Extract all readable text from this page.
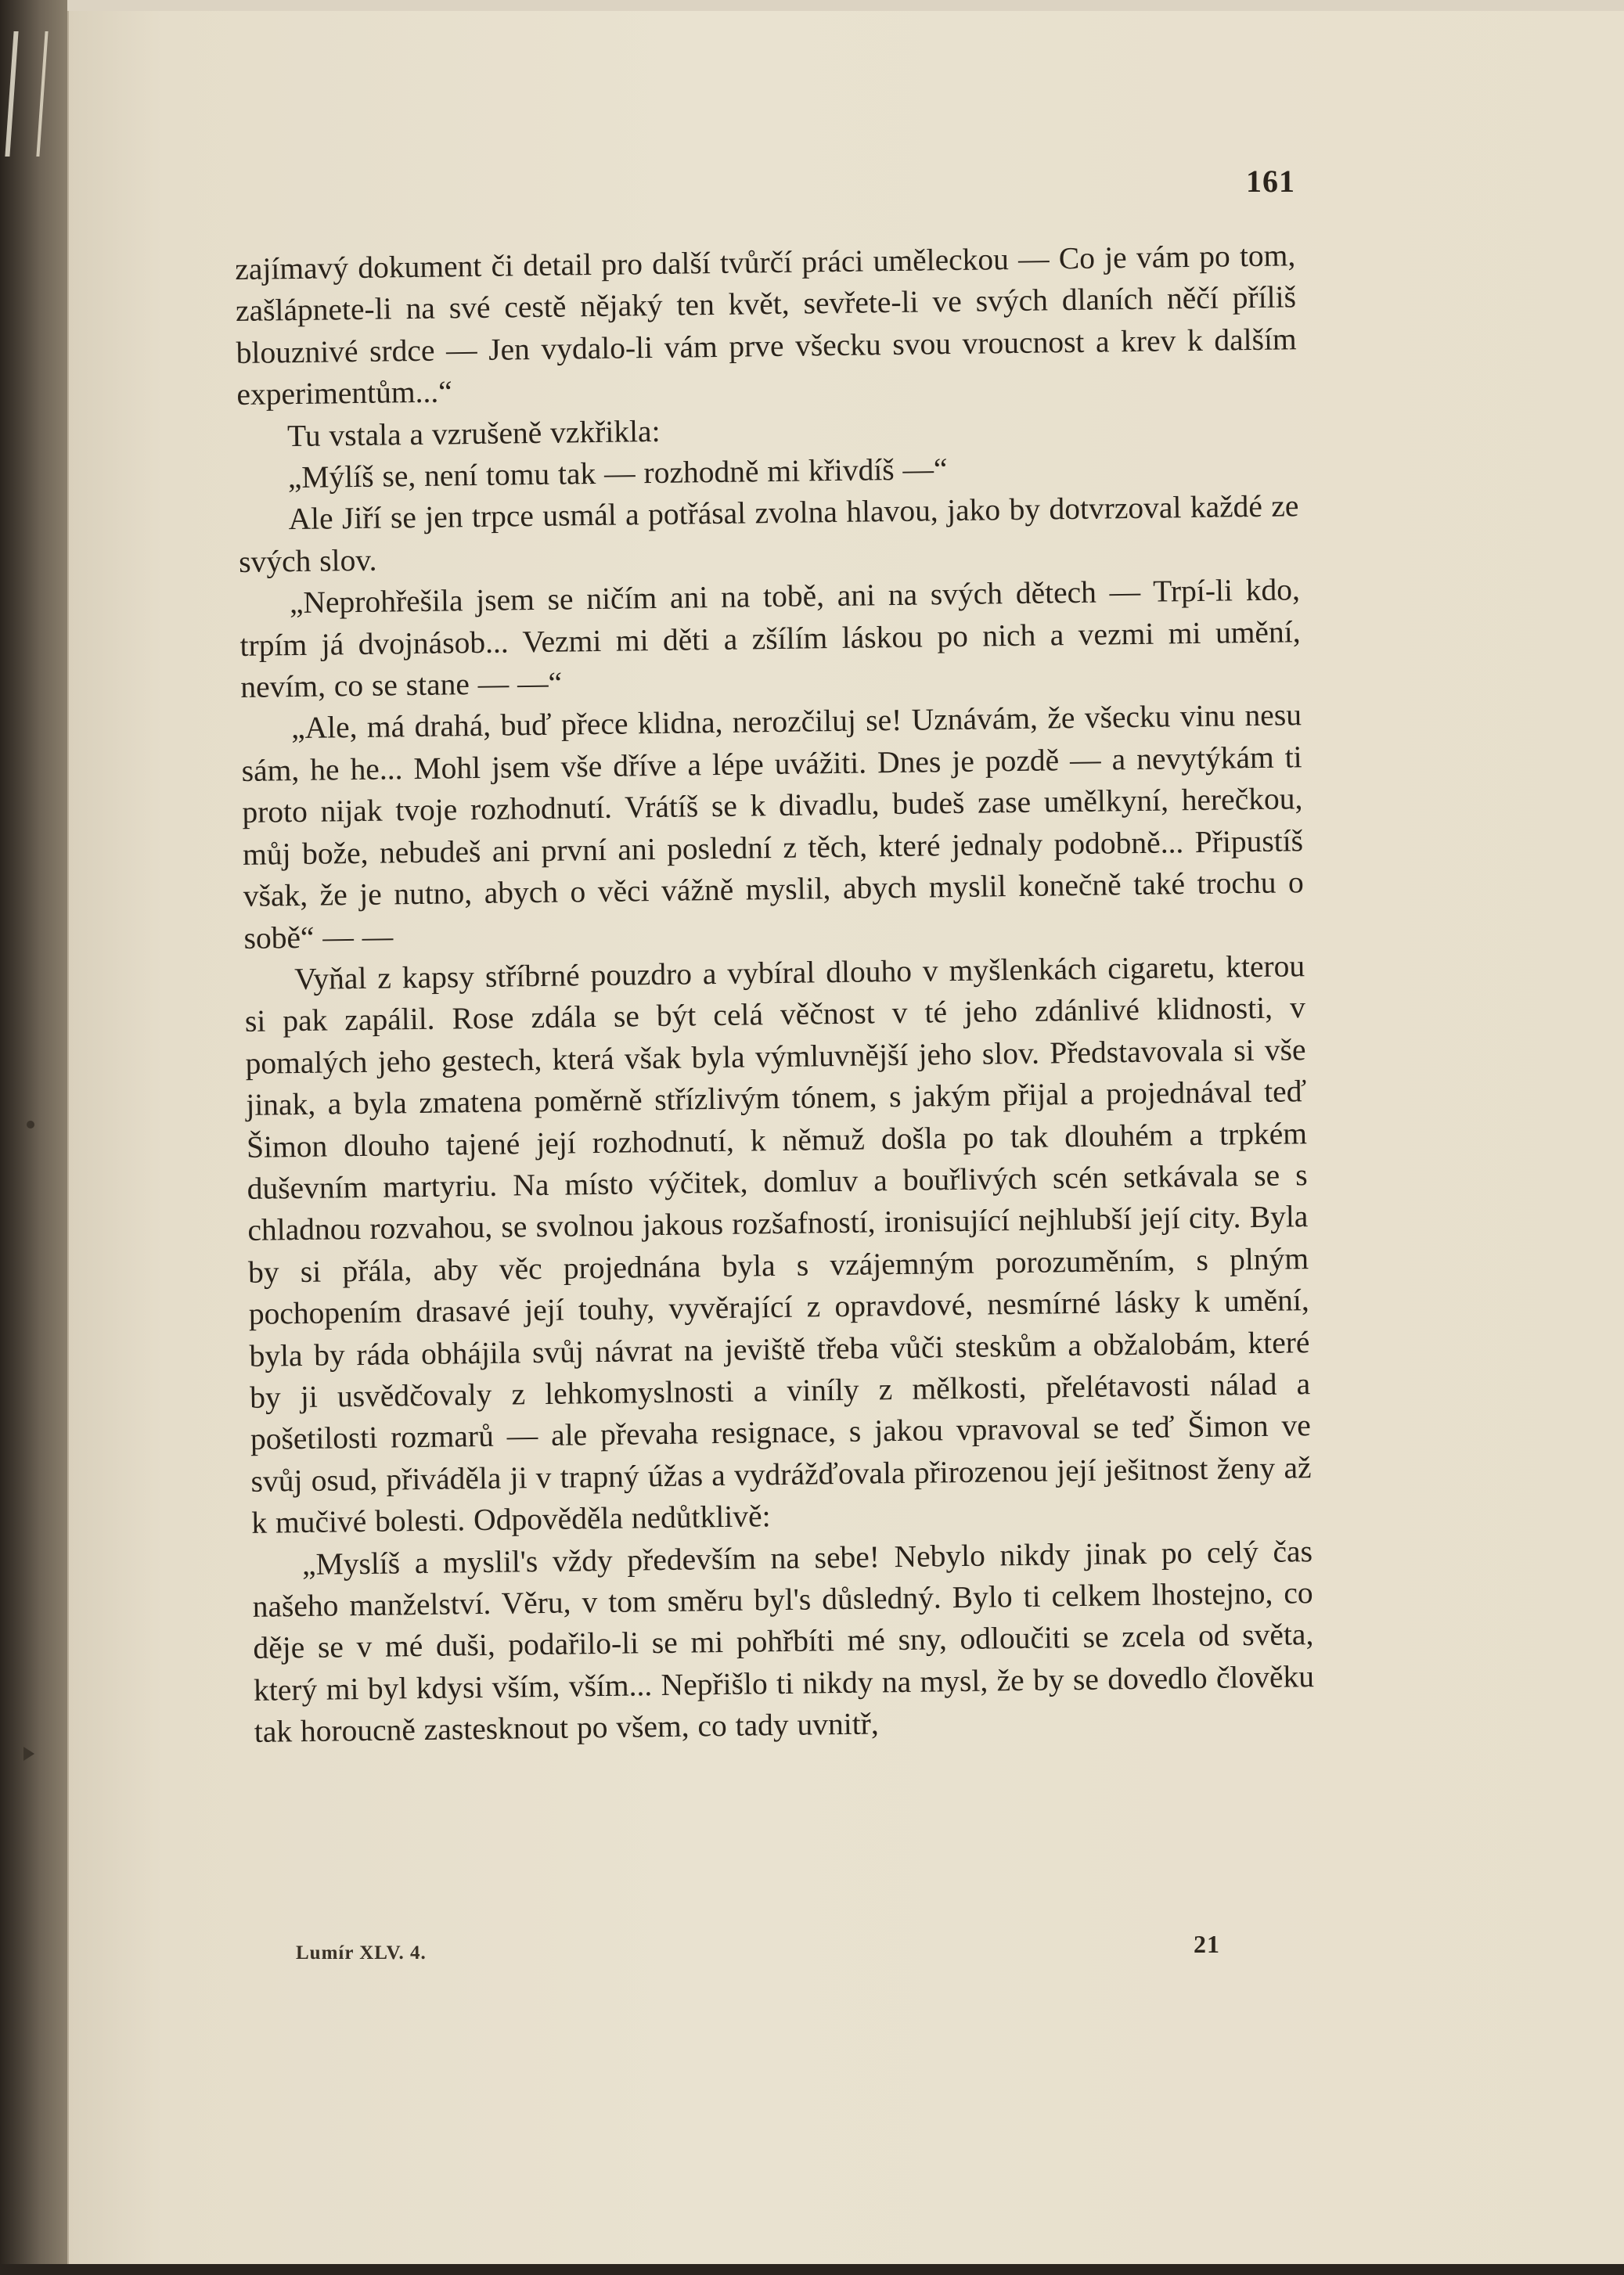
161

zajímavý dokument či detail pro další tvůrčí práci uměleckou — Co je vám po tom, zašlápnete-li na své cestě nějaký ten květ, sevřete-li ve svých dlaních něčí příliš blouznivé srdce — Jen vydalo-li vám prve všecku svou vroucnost a krev k dalším experimentům...“

Tu vstala a vzrušeně vzkřikla:

„Mýlíš se, není tomu tak — rozhodně mi křivdíš —“

Ale Jiří se jen trpce usmál a potřásal zvolna hlavou, jako by dotvrzoval každé ze svých slov.

„Neprohřešila jsem se ničím ani na tobě, ani na svých dětech — Trpí-li kdo, trpím já dvojnásob... Vezmi mi děti a zšílím láskou po nich a vezmi mi umění, nevím, co se stane — —“

„Ale, má drahá, buď přece klidna, nerozčiluj se! Uznávám, že všecku vinu nesu sám, he he... Mohl jsem vše dříve a lépe uvážiti. Dnes je pozdě — a nevytýkám ti proto nijak tvoje rozhodnutí. Vrátíš se k divadlu, budeš zase umělkyní, herečkou, můj bože, nebudeš ani první ani poslední z těch, které jednaly podobně... Připustíš však, že je nutno, abych o věci vážně myslil, abych myslil konečně také trochu o sobě“ — —

Vyňal z kapsy stříbrné pouzdro a vybíral dlouho v myšlenkách cigaretu, kterou si pak zapálil. Rose zdála se být celá věčnost v té jeho zdánlivé klidnosti, v pomalých jeho gestech, která však byla výmluvnější jeho slov. Představovala si vše jinak, a byla zmatena poměrně střízlivým tónem, s jakým přijal a projednával teď Šimon dlouho tajené její rozhodnutí, k němuž došla po tak dlouhém a trpkém duševním martyriu. Na místo výčitek, domluv a bouřlivých scén setkávala se s chladnou rozvahou, se svolnou jakous rozšafností, ironisující nejhlubší její city. Byla by si přála, aby věc projednána byla s vzájemným porozuměním, s plným pochopením drasavé její touhy, vyvěrající z opravdové, nesmírné lásky k umění, byla by ráda obhájila svůj návrat na jeviště třeba vůči steskům a obžalobám, které by ji usvědčovaly z lehkomyslnosti a viníly z mělkosti, přelétavosti nálad a pošetilosti rozmarů — ale převaha resignace, s jakou vpravoval se teď Šimon ve svůj osud, přiváděla ji v trapný úžas a vydrážďovala přirozenou její ješitnost ženy až k mučivé bolesti. Odpověděla nedůtklivě:

„Myslíš a myslil's vždy především na sebe! Nebylo nikdy jinak po celý čas našeho manželství. Věru, v tom směru byl's důsledný. Bylo ti celkem lhostejno, co děje se v mé duši, podařilo-li se mi pohřbíti mé sny, odloučiti se zcela od světa, který mi byl kdysi vším, vším... Nepřišlo ti nikdy na mysl, že by se dovedlo člověku tak horoucně zastesknout po všem, co tady uvnitř,

Lumír XLV. 4.	21
